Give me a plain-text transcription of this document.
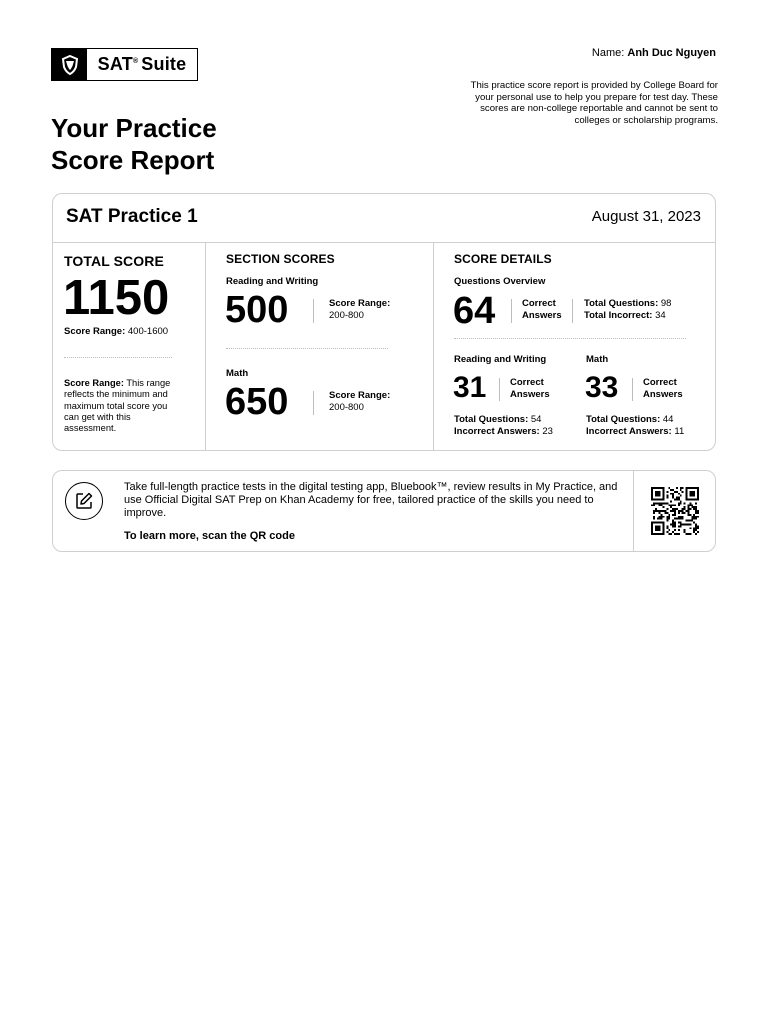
SAT® Suite
Your Practice
Score Report
Name: Anh Duc Nguyen
This practice score report is provided by College Board for your personal use to help you prepare for test day. These scores are non-college reportable and cannot be sent to colleges or scholarship programs.
SAT Practice 1	August 31, 2023
TOTAL SCORE
1150
Score Range: 400-1600
Score Range: This range reflects the minimum and maximum total score you can get with this assessment.
SECTION SCORES
Reading and Writing
500	Score Range:
200-800
Math
650	Score Range:
200-800
SCORE DETAILS
Questions Overview
64	Correct
Answers
Total Questions: 98
Total Incorrect: 34
Reading and Writing
31 Correct
Answers
Total Questions: 54
Incorrect Answers: 23
Math
33	Correct
Answers
Total Questions: 44
Incorrect Answers: 11
Take full-length practice tests in the digital testing app, Bluebook™, review results in My Practice, and use Official Digital SAT Prep on Khan Academy for free, tailored practice of the skills you need to improve.
To learn more, scan the QR code
